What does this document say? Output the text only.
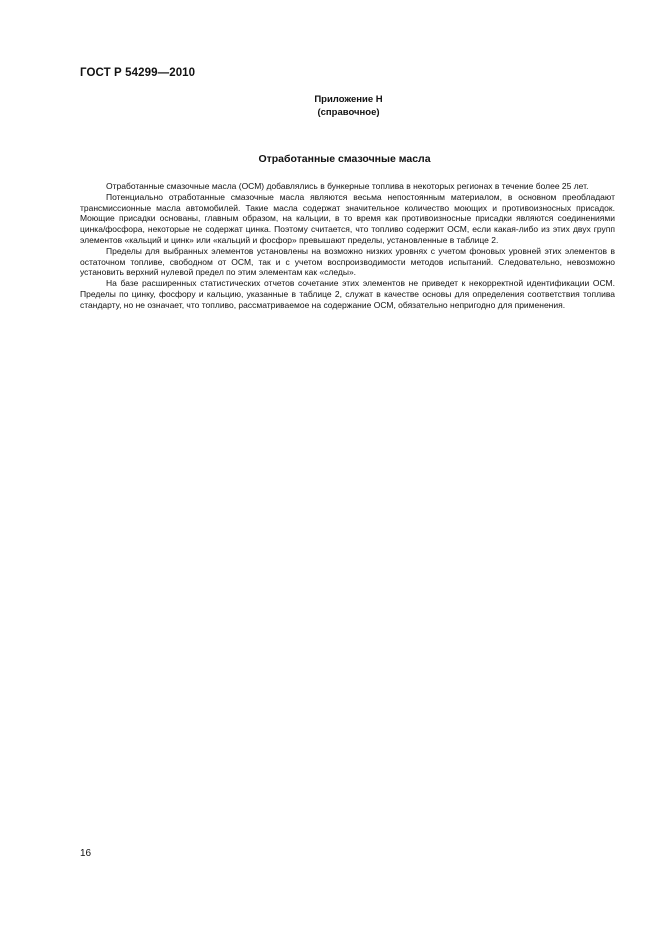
ГОСТ Р 54299—2010
Приложение Н
(справочное)
Отработанные смазочные масла

Отработанные смазочные масла (ОСМ) добавлялись в бункерные топлива в некоторых регионах в течение более 25 лет.

Потенциально отработанные смазочные масла являются весьма непостоянным материалом, в основном преобладают трансмиссионные масла автомобилей. Такие масла содержат значительное количество моющих и противоизносных присадок. Моющие присадки основаны, главным образом, на кальции, в то время как противоизносные присадки являются соединениями цинка/фосфора, некоторые не содержат цинка. Поэтому считается, что топливо содержит ОСМ, если какая-либо из этих двух групп элементов «кальций и цинк» или «кальций и фосфор» превышают пределы, установленные в таблице 2.

Пределы для выбранных элементов установлены на возможно низких уровнях с учетом фоновых уровней этих элементов в остаточном топливе, свободном от ОСМ, так и с учетом воспроизводимости методов испытаний. Следовательно, невозможно установить верхний нулевой предел по этим элементам как «следы».

На базе расширенных статистических отчетов сочетание этих элементов не приведет к некорректной идентификации ОСМ. Пределы по цинку, фосфору и кальцию, указанные в таблице 2, служат в качестве основы для определения соответствия топлива стандарту, но не означает, что топливо, рассматриваемое на содержание ОСМ, обязательно непригодно для применения.

16
